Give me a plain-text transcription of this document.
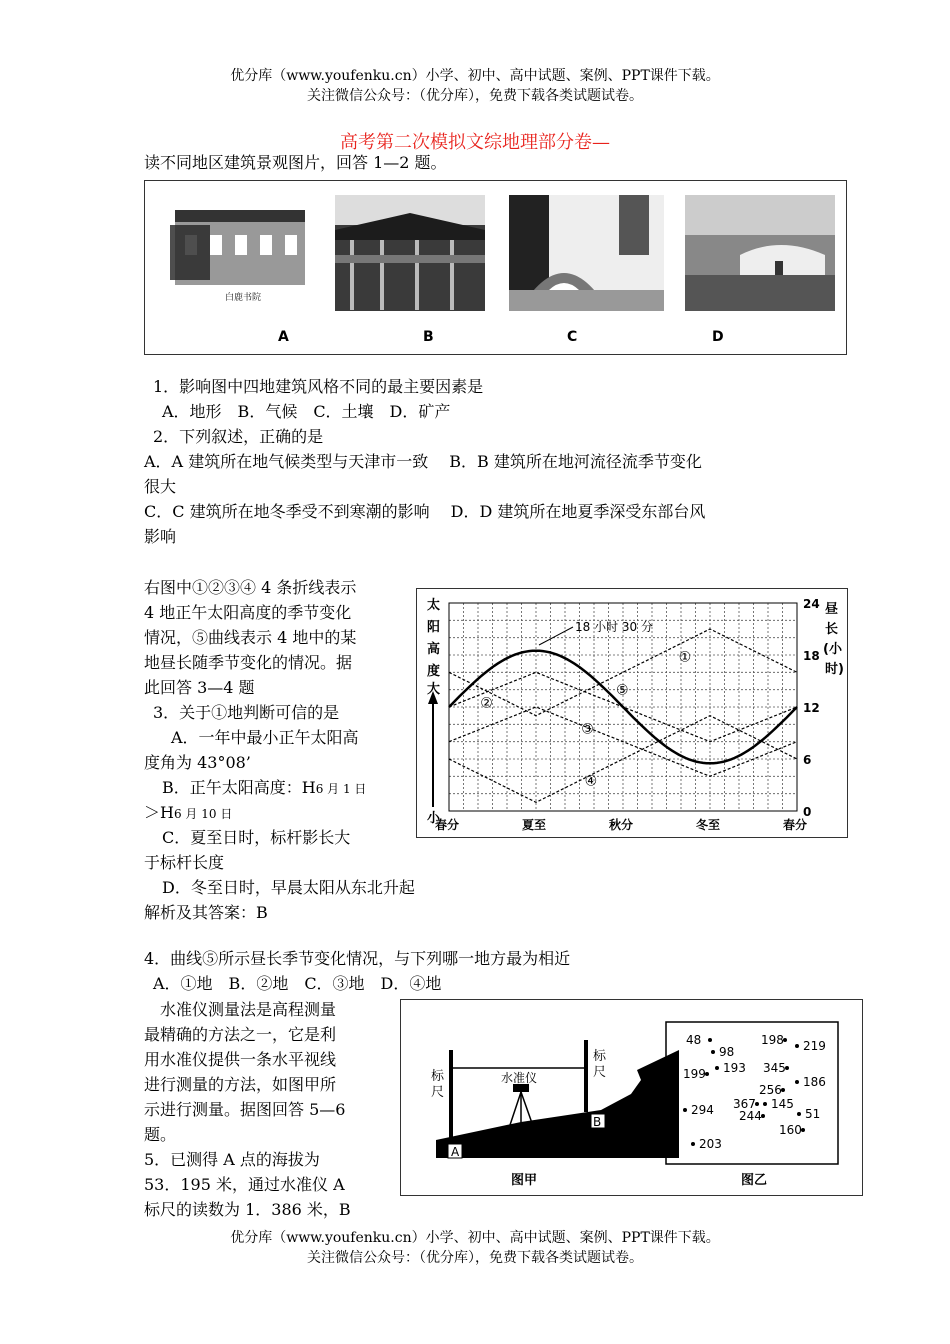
优分库（www.youfenku.cn）小学、初中、高中试题、案例、PPT课件下载。
关注微信公众号：（优分库），免费下载各类试题试卷。
高考第二次模拟文综地理部分卷—
读不同地区建筑景观图片，回答 1—2 题。
白鹿书院
A	B	C	D
1．影响图中四地建筑风格不同的最主要因素是
A．地形　B．气候　C．土壤　D．矿产
2．下列叙述，正确的是
A．A 建筑所在地气候类型与天津市一致　 B．B 建筑所在地河流径流季节变化
很大
C．C 建筑所在地冬季受不到寒潮的影响　 D．D 建筑所在地夏季深受东部台风
影响
右图中①②③④ 4 条折线表示
4 地正午太阳高度的季节变化
情况，⑤曲线表示 4 地中的某
地昼长随季节变化的情况。据
此回答 3—4 题
3．关于①地判断可信的是
A．一年中最小正午太阳高
度角为 43°08’
B．正午太阳高度：H6 月 1 日
＞H6 月 10 日
C．夏至日时，标杆影长大
于标杆长度
D．冬至日时，早晨太阳从东北升起
解析及其答案：B
①
②
③
④
⑤
太
阳
高
度
大
小
昼
长
(小
时)
春分	夏至	秋分	冬至	春分
24
18
12
6
0
18 小时 30 分
4．曲线⑤所示昼长季节变化情况，与下列哪一地方最为相近
A．①地　B．②地　C．③地　D．④地
　水准仪测量法是高程测量
最精确的方法之一，它是利
用水准仪提供一条水平视线
进行测量的方法，如图甲所
示进行测量。据图回答 5—6
题。
5．已测得 A 点的海拔为
53．195 米，通过水准仪 A
标尺的读数为 1．386 米，B
水准仪
标
尺
标
尺
A
B
图甲
48
98
198 219
199 193 345
186
256
294 367 145
244	51
160
203
图乙
优分库（www.youfenku.cn）小学、初中、高中试题、案例、PPT课件下载。
关注微信公众号：（优分库），免费下载各类试题试卷。
